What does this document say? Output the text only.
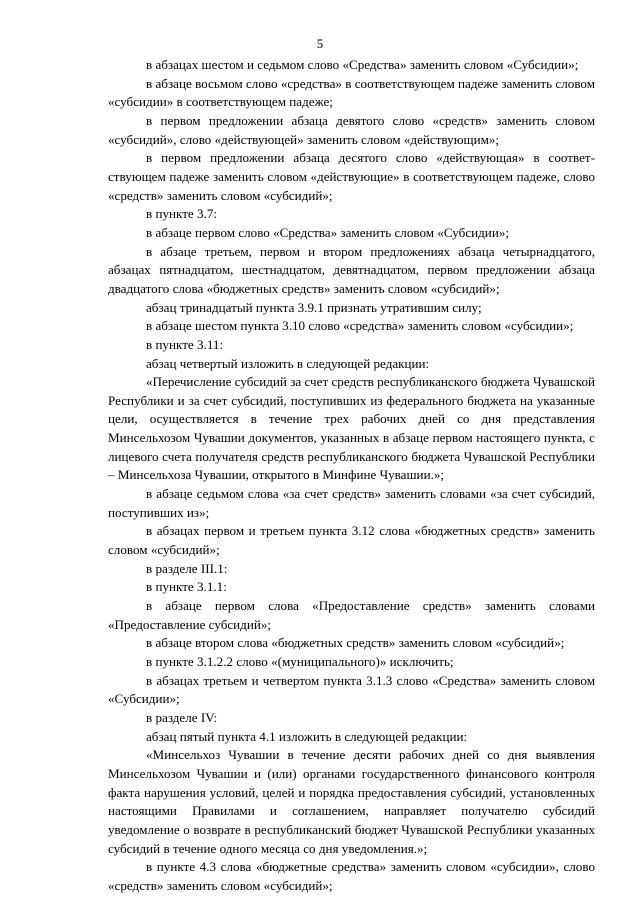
5

в абзацах шестом и седьмом слово «Средства» заменить словом «Субсидии»;

в абзаце восьмом слово «средства» в соответствующем падеже заменить словом «субсидии» в соответствующем падеже;

в первом предложении абзаца девятого слово «средств» заменить словом «субсидий», слово «действующей» заменить словом «действующим»;

в первом предложении абзаца десятого слово «действующая» в соответствующем падеже заменить словом «действующие» в соответствующем падеже, слово «средств» заменить словом «субсидий»;

в пункте 3.7:

в абзаце первом слово «Средства» заменить словом «Субсидии»;

в абзаце третьем, первом и втором предложениях абзаца четырнадцатого, абзацах пятнадцатом, шестнадцатом, девятнадцатом, первом предложении абзаца двадцатого слова «бюджетных средств» заменить словом «субсидий»;

абзац тринадцатый пункта 3.9.1 признать утратившим силу;

в абзаце шестом пункта 3.10 слово «средства» заменить словом «субсидии»;

в пункте 3.11:

абзац четвертый изложить в следующей редакции:

«Перечисление субсидий за счет средств республиканского бюджета Чувашской Республики и за счет субсидий, поступивших из федерального бюджета на указанные цели, осуществляется в течение трех рабочих дней со дня представления Минсельхозом Чувашии документов, указанных в абзаце первом настоящего пункта, с лицевого счета получателя средств республиканского бюджета Чувашской Республики – Минсельхоза Чувашии, открытого в Минфине Чувашии.»;

в абзаце седьмом слова «за счет средств» заменить словами «за счет субсидий, поступивших из»;

в абзацах первом и третьем пункта 3.12 слова «бюджетных средств» заменить словом «субсидий»;

в разделе III.1:

в пункте 3.1.1:

в абзаце первом слова «Предоставление средств» заменить словами «Предоставление субсидий»;

в абзаце втором слова «бюджетных средств» заменить словом «субсидий»;

в пункте 3.1.2.2 слово «(муниципального)» исключить;

в абзацах третьем и четвертом пункта 3.1.3 слово «Средства» заменить словом «Субсидии»;

в разделе IV:

абзац пятый пункта 4.1 изложить в следующей редакции:

«Минсельхоз Чувашии в течение десяти рабочих дней со дня выявления Минсельхозом Чувашии и (или) органами государственного финансового контроля факта нарушения условий, целей и порядка предоставления субсидий, установленных настоящими Правилами и соглашением, направляет получателю субсидий уведомление о возврате в республиканский бюджет Чувашской Республики указанных субсидий в течение одного месяца со дня уведомления.»;

в пункте 4.3 слова «бюджетные средства» заменить словом «субсидии», слово «средств» заменить словом «субсидий»;
